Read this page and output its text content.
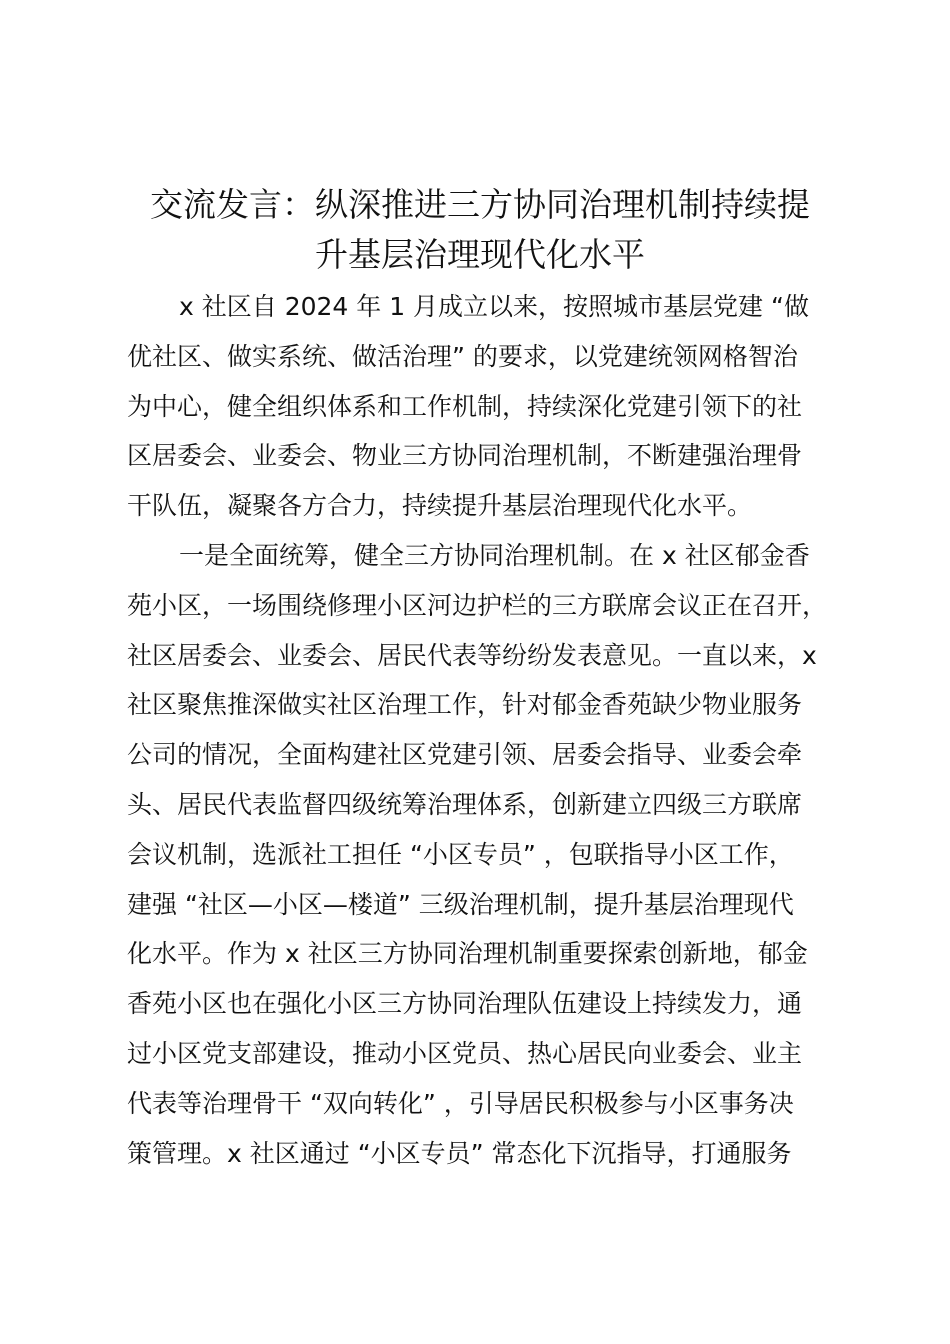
交流发言：纵深推进三方协同治理机制持续提
升基层治理现代化水平
x 社区自 2024 年 1 月成立以来，按照城市基层党建 “做
优社区、做实系统、做活治理” 的要求，以党建统领网格智治
为中心，健全组织体系和工作机制，持续深化党建引领下的社
区居委会、业委会、物业三方协同治理机制，不断建强治理骨
干队伍，凝聚各方合力，持续提升基层治理现代化水平。
一是全面统筹，健全三方协同治理机制。在 x 社区郁金香
苑小区，一场围绕修理小区河边护栏的三方联席会议正在召开，
社区居委会、业委会、居民代表等纷纷发表意见。一直以来，x
社区聚焦推深做实社区治理工作，针对郁金香苑缺少物业服务
公司的情况，全面构建社区党建引领、居委会指导、业委会牵
头、居民代表监督四级统筹治理体系，创新建立四级三方联席
会议机制，选派社工担任 “小区专员” ，包联指导小区工作，
建强 “社区—小区—楼道” 三级治理机制，提升基层治理现代
化水平。作为 x 社区三方协同治理机制重要探索创新地，郁金
香苑小区也在强化小区三方协同治理队伍建设上持续发力，通
过小区党支部建设，推动小区党员、热心居民向业委会、业主
代表等治理骨干 “双向转化” ，引导居民积极参与小区事务决
策管理。x 社区通过 “小区专员” 常态化下沉指导，打通服务
